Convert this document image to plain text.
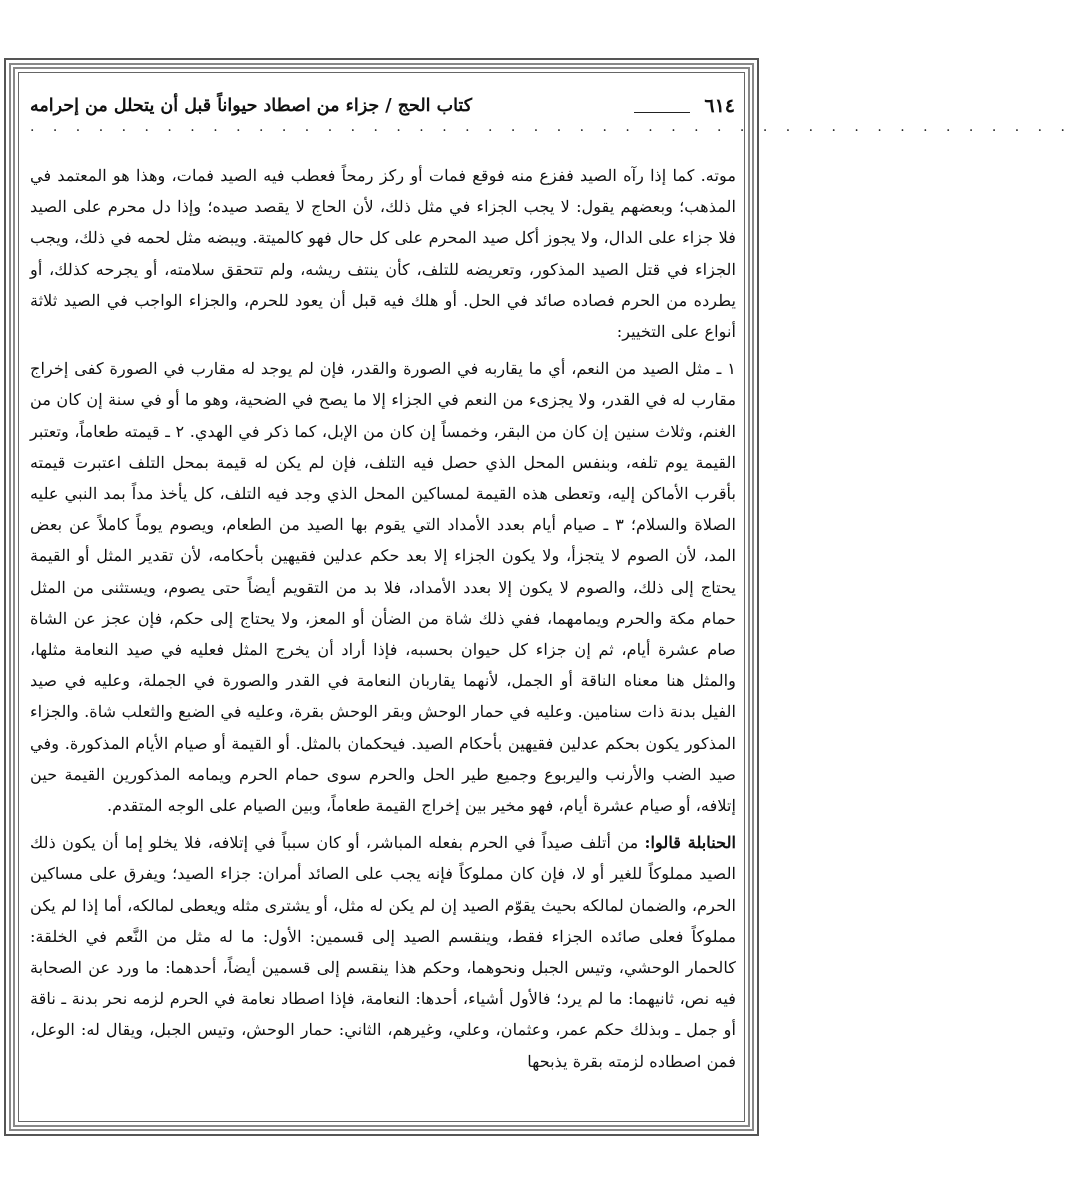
٦١٤
كتاب الحج / جزاء من اصطاد حيواناً قبل أن يتحلل من إحرامه
· · · · · · · · · · · · · · · · · · · · · · · · · · · · · · · · · · · · · · · · · · · · · ·

موته. كما إذا رآه الصيد ففزع منه فوقع فمات أو ركز رمحاً فعطب فيه الصيد فمات، وهذا هو المعتمد في المذهب؛ وبعضهم يقول: لا يجب الجزاء في مثل ذلك، لأن الحاج لا يقصد صيده؛ وإذا دل محرم على الصيد فلا جزاء على الدال، ولا يجوز أكل صيد المحرم على كل حال فهو كالميتة. ويبضه مثل لحمه في ذلك، ويجب الجزاء في قتل الصيد المذكور، وتعريضه للتلف، كأن ينتف ريشه، ولم تتحقق سلامته، أو يجرحه كذلك، أو يطرده من الحرم فصاده صائد في الحل. أو هلك فيه قبل أن يعود للحرم، والجزاء الواجب في الصيد ثلاثة أنواع على التخيير:

١ ـ مثل الصيد من النعم، أي ما يقاربه في الصورة والقدر، فإن لم يوجد له مقارب في الصورة كفى إخراج مقارب له في القدر، ولا يجزىء من النعم في الجزاء إلا ما يصح في الضحية، وهو ما أو في سنة إن كان من الغنم، وثلاث سنين إن كان من البقر، وخمساً إن كان من الإبل، كما ذكر في الهدي. ٢ ـ قيمته طعاماً، وتعتبر القيمة يوم تلفه، وبنفس المحل الذي حصل فيه التلف، فإن لم يكن له قيمة بمحل التلف اعتبرت قيمته بأقرب الأماكن إليه، وتعطى هذه القيمة لمساكين المحل الذي وجد فيه التلف، كل يأخذ مداً بمد النبي عليه الصلاة والسلام؛ ٣ ـ صيام أيام بعدد الأمداد التي يقوم بها الصيد من الطعام، ويصوم يوماً كاملاً عن بعض المد، لأن الصوم لا يتجزأ، ولا يكون الجزاء إلا بعد حكم عدلين فقيهين بأحكامه، لأن تقدير المثل أو القيمة يحتاج إلى ذلك، والصوم لا يكون إلا بعدد الأمداد، فلا بد من التقويم أيضاً حتى يصوم، ويستثنى من المثل حمام مكة والحرم ويمامهما، ففي ذلك شاة من الضأن أو المعز، ولا يحتاج إلى حكم، فإن عجز عن الشاة صام عشرة أيام، ثم إن جزاء كل حيوان بحسبه، فإذا أراد أن يخرج المثل فعليه في صيد النعامة مثلها، والمثل هنا معناه الناقة أو الجمل، لأنهما يقاربان النعامة في القدر والصورة في الجملة، وعليه في صيد الفيل بدنة ذات سنامين. وعليه في حمار الوحش وبقر الوحش بقرة، وعليه في الضبع والثعلب شاة. والجزاء المذكور يكون بحكم عدلين فقيهين بأحكام الصيد. فيحكمان بالمثل. أو القيمة أو صيام الأيام المذكورة. وفي صيد الضب والأرنب واليربوع وجميع طير الحل والحرم سوى حمام الحرم ويمامه المذكورين القيمة حين إتلافه، أو صيام عشرة أيام، فهو مخير بين إخراج القيمة طعاماً، وبين الصيام على الوجه المتقدم.

الحنابلة قالوا: من أتلف صيداً في الحرم بفعله المباشر، أو كان سبباً في إتلافه، فلا يخلو إما أن يكون ذلك الصيد مملوكاً للغير أو لا، فإن كان مملوكاً فإنه يجب على الصائد أمران: جزاء الصيد؛ ويفرق على مساكين الحرم، والضمان لمالكه بحيث يقوّم الصيد إن لم يكن له مثل، أو يشترى مثله ويعطى لمالكه، أما إذا لم يكن مملوكاً فعلى صائده الجزاء فقط، وينقسم الصيد إلى قسمين: الأول: ما له مثل من النَّعم في الخلقة: كالحمار الوحشي، وتيس الجبل ونحوهما، وحكم هذا ينقسم إلى قسمين أيضاً، أحدهما: ما ورد عن الصحابة فيه نص، ثانيهما: ما لم يرد؛ فالأول أشياء، أحدها: النعامة، فإذا اصطاد نعامة في الحرم لزمه نحر بدنة ـ ناقة أو جمل ـ وبذلك حكم عمر، وعثمان، وعلي، وغيرهم، الثاني: حمار الوحش، وتيس الجبل، ويقال له: الوعل، فمن اصطاده لزمته بقرة يذبحها
